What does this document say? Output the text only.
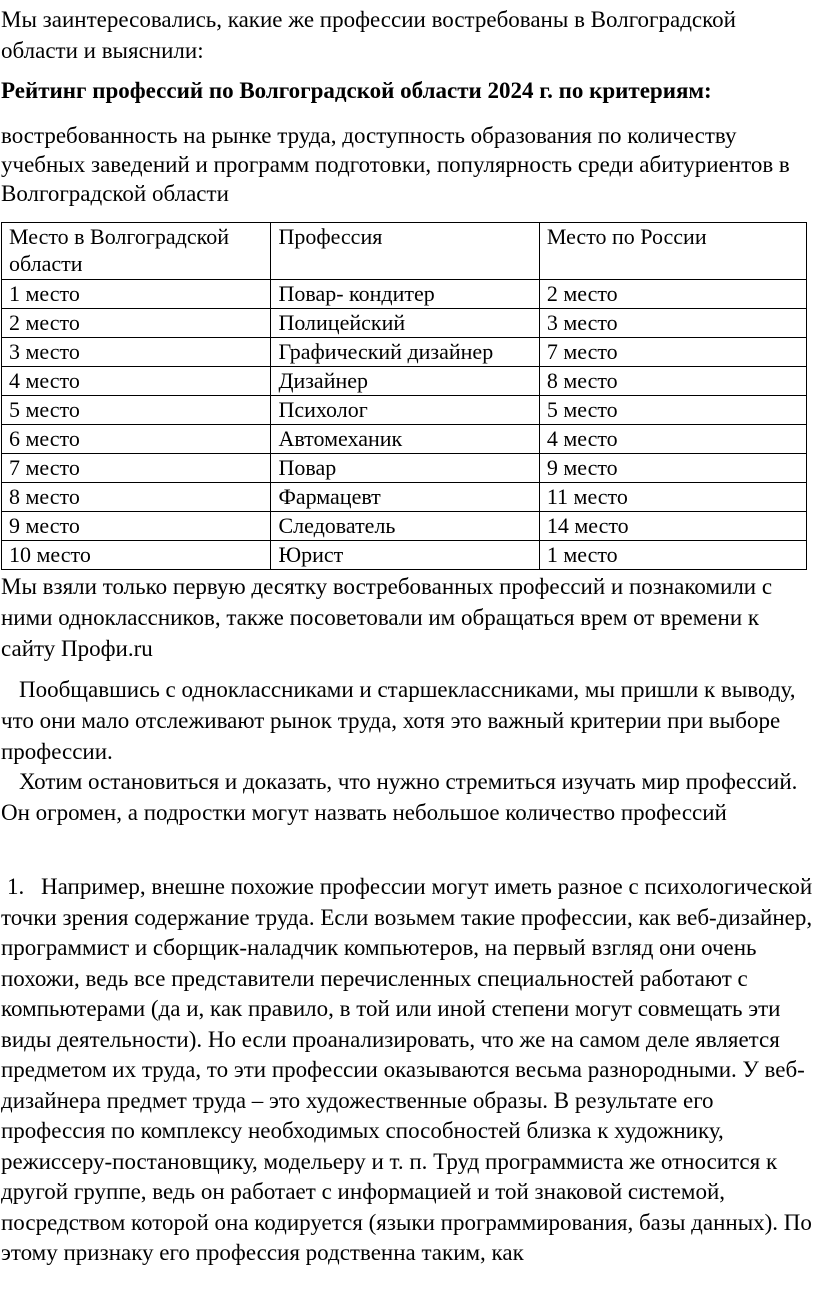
Мы заинтересовались, какие же профессии востребованы в Волгоградской области и выяснили:

Рейтинг профессий по Волгоградской области 2024 г. по критериям:

востребованность на рынке труда, доступность образования по количеству учебных заведений и программ подготовки, популярность среди абитуриентов в Волгоградской области

Место в Волгоградской области	Профессия	Место по России
1 место	Повар- кондитер	2 место
2 место	Полицейский	3 место
3 место	Графический дизайнер	7 место
4 место	Дизайнер	8 место
5 место	Психолог	5 место
6 место	Автомеханик	4 место
7 место	Повар	9 место
8 место	Фармацевт	11 место
9 место	Следователь	14 место
10 место	Юрист	1 место

Мы взяли только первую десятку востребованных профессий и познакомили с ними одноклассников, также посоветовали им обращаться врем от времени к сайту Профи.ru

Пообщавшись с одноклассниками и старшеклассниками, мы пришли к выводу, что они мало отслеживают рынок труда, хотя это важный критерии при выборе профессии.

Хотим остановиться и доказать, что нужно стремиться изучать мир профессий. Он огромен, а подростки могут назвать небольшое количество профессий

1. Например, внешне похожие профессии могут иметь разное с психологической точки зрения содержание труда. Если возьмем такие профессии, как веб-дизайнер, программист и сборщик-наладчик компьютеров, на первый взгляд они очень похожи, ведь все представители перечисленных специальностей работают с компьютерами (да и, как правило, в той или иной степени могут совмещать эти виды деятельности). Но если проанализировать, что же на самом деле является предметом их труда, то эти профессии оказываются весьма разнородными. У веб-дизайнера предмет труда – это художественные образы. В результате его профессия по комплексу необходимых способностей близка к художнику, режиссеру-постановщику, модельеру и т. п. Труд программиста же относится к другой группе, ведь он работает с информацией и той знаковой системой, посредством которой она кодируется (языки программирования, базы данных). По этому признаку его профессия родственна таким, как
